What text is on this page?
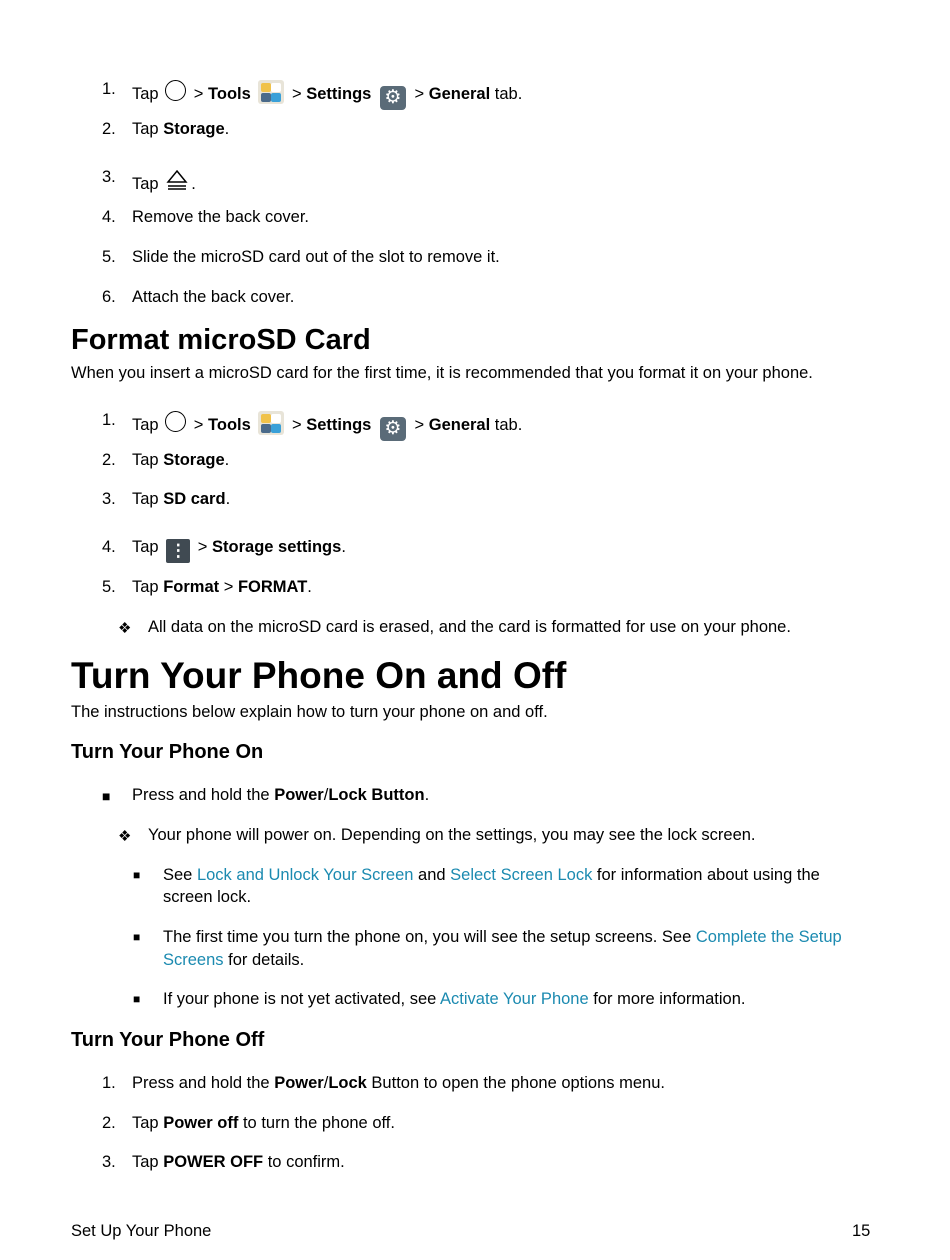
1. Tap > Tools > Settings ⚙ > General tab.
2. Tap Storage.
3. Tap .
4. Remove the back cover.
5. Slide the microSD card out of the slot to remove it.
6. Attach the back cover.
Format microSD Card
When you insert a microSD card for the first time, it is recommended that you format it on your phone.
1. Tap > Tools > Settings ⚙ > General tab.
2. Tap Storage.
3. Tap SD card.
4. Tap ⋮ > Storage settings.
5. Tap Format > FORMAT.
❖ All data on the microSD card is erased, and the card is formatted for use on your phone.
Turn Your Phone On and Off
The instructions below explain how to turn your phone on and off.
Turn Your Phone On
■ Press and hold the Power/Lock Button.
❖ Your phone will power on. Depending on the settings, you may see the lock screen.
■ See Lock and Unlock Your Screen and Select Screen Lock for information about using the
screen lock.
■ The first time you turn the phone on, you will see the setup screens. See Complete the Setup
Screens for details.
■ If your phone is not yet activated, see Activate Your Phone for more information.
Turn Your Phone Off
1. Press and hold the Power/Lock Button to open the phone options menu.
2. Tap Power off to turn the phone off.
3. Tap POWER OFF to confirm.
Set Up Your Phone	15
